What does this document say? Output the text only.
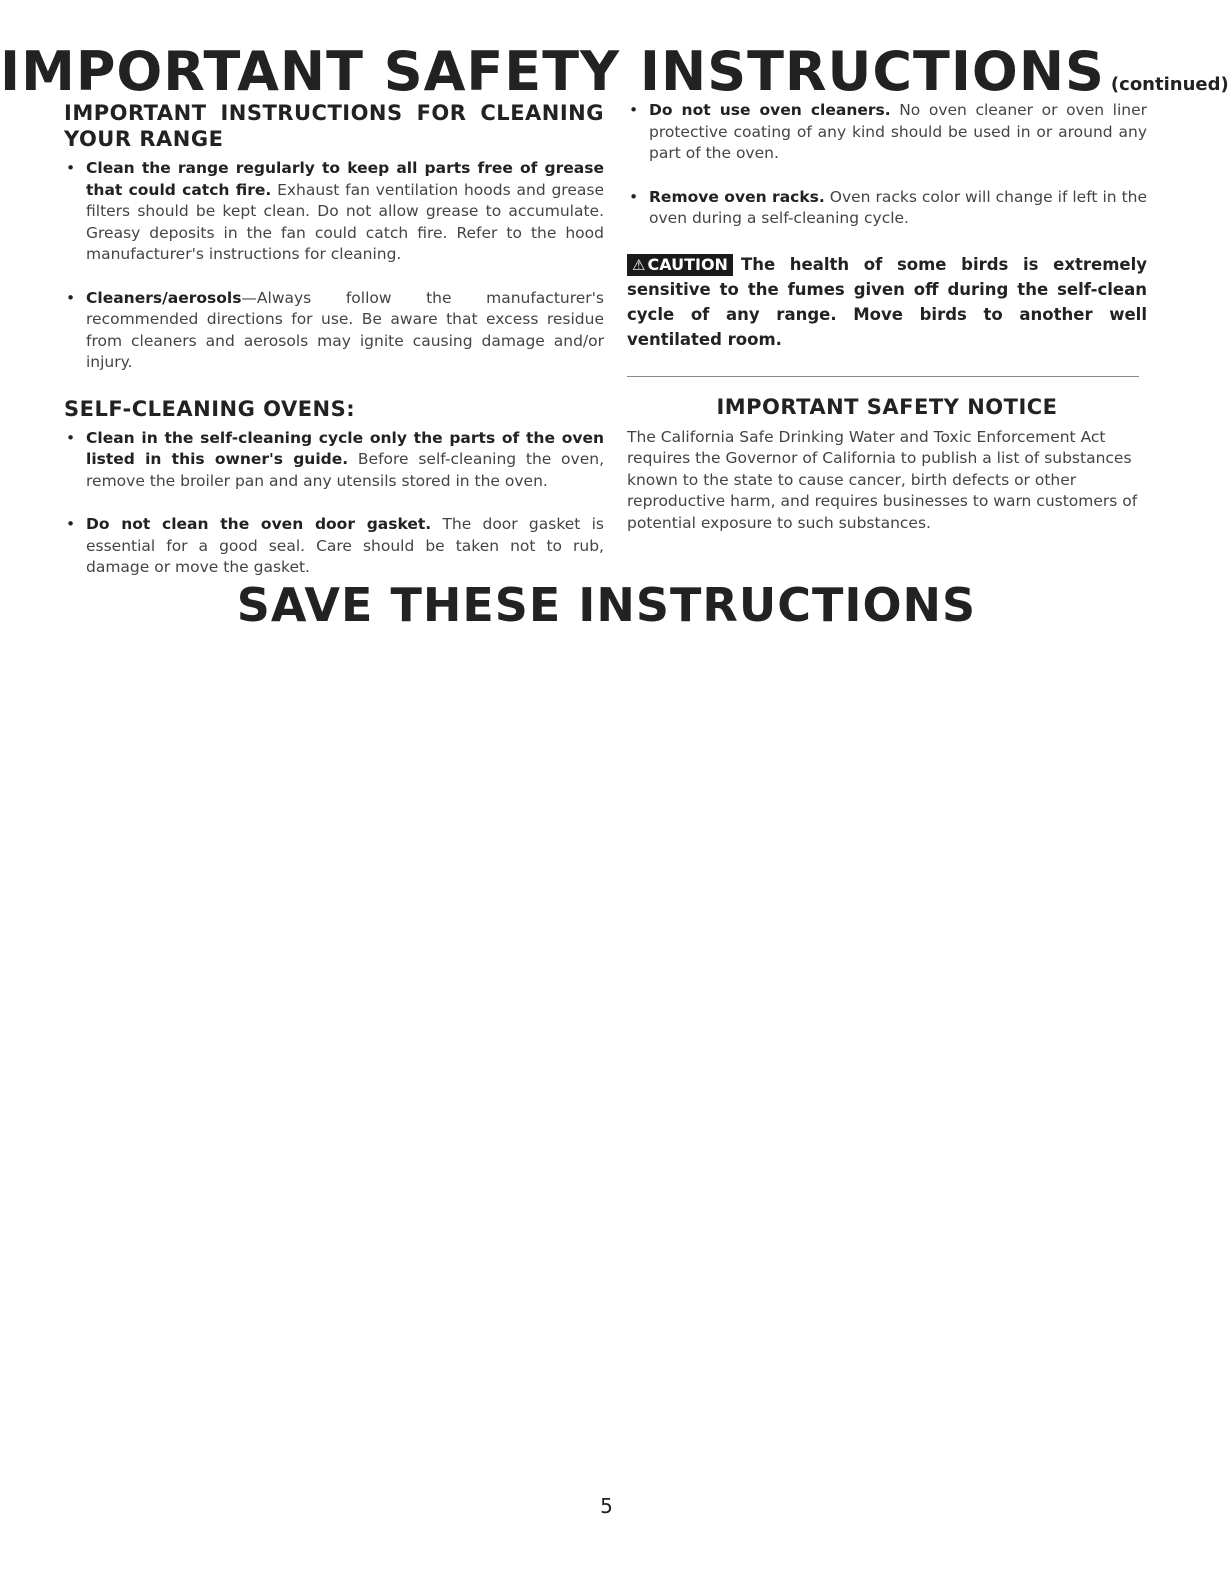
IMPORTANT SAFETY INSTRUCTIONS (continued)
IMPORTANT INSTRUCTIONS FOR CLEANING YOUR RANGE
• Clean the range regularly to keep all parts free of grease that could catch fire. Exhaust fan ventilation hoods and grease filters should be kept clean. Do not allow grease to accumulate. Greasy deposits in the fan could catch fire. Refer to the hood manufacturer's instructions for cleaning.
• Cleaners/aerosols—Always follow the manufacturer's recommended directions for use. Be aware that excess residue from cleaners and aerosols may ignite causing damage and/or injury.
SELF-CLEANING OVENS:
• Clean in the self-cleaning cycle only the parts of the oven listed in this owner's guide. Before self-cleaning the oven, remove the broiler pan and any utensils stored in the oven.
• Do not clean the oven door gasket. The door gasket is essential for a good seal. Care should be taken not to rub, damage or move the gasket.
• Do not use oven cleaners. No oven cleaner or oven liner protective coating of any kind should be used in or around any part of the oven.
• Remove oven racks. Oven racks color will change if left in the oven during a self-cleaning cycle.
⚠ CAUTION The health of some birds is extremely sensitive to the fumes given off during the self-clean cycle of any range. Move birds to another well ventilated room.
IMPORTANT SAFETY NOTICE

The California Safe Drinking Water and Toxic Enforcement Act requires the Governor of California to publish a list of substances known to the state to cause cancer, birth defects or other reproductive harm, and requires businesses to warn customers of potential exposure to such substances.

SAVE THESE INSTRUCTIONS
5
